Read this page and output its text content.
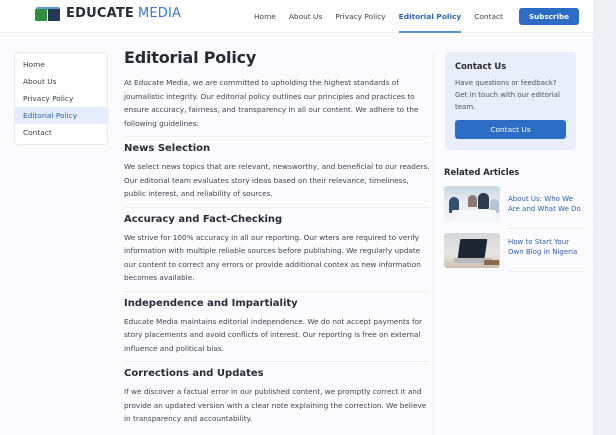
EDUCATE MEDIA	Home About Us Privacy Policy Editorial Policy Contact	Subscribe
Home
About Us
Privacy Policy
Editorial Policy
Contact
Editorial Policy

At Educate Media, we are committed to upholding the highest standards of journalistic integrity. Our editorial policy outlines our principles and practices to ensure accuracy, fairness, and transparency in all our content. We adhere to the following guidelines:

News Selection

We select news topics that are relevant, newsworthy, and beneficial to our readers. Our editorial team evaluates story ideas based on their relevance, timeliness, public interest, and reliability of sources.

Accuracy and Fact-Checking

We strive for 100% accuracy in all our reporting. Our wters are required to verify information with multiple reliable sources before publishing. We regularly update our content to correct any errors or provide additional contex as new information becomes available.

Independence and Impartiality

Educate Media maintains editorial independence. We do not accept payments for story placements and avoid conflicts of interest. Our reporting is free on external influence and political bias.

Corrections and Updates

If we discover a factual error in our published content, we promptly correct it and provide an updated version with a clear note explaining the correction. We believe in transparency and accountability.

Contact Us
Have questions or feedback? Get in touch with our editorial team.
Contact Us
Related Articles
About Us: Who We Are and What We Do
How to Start Your Own Blog in Nigeria
